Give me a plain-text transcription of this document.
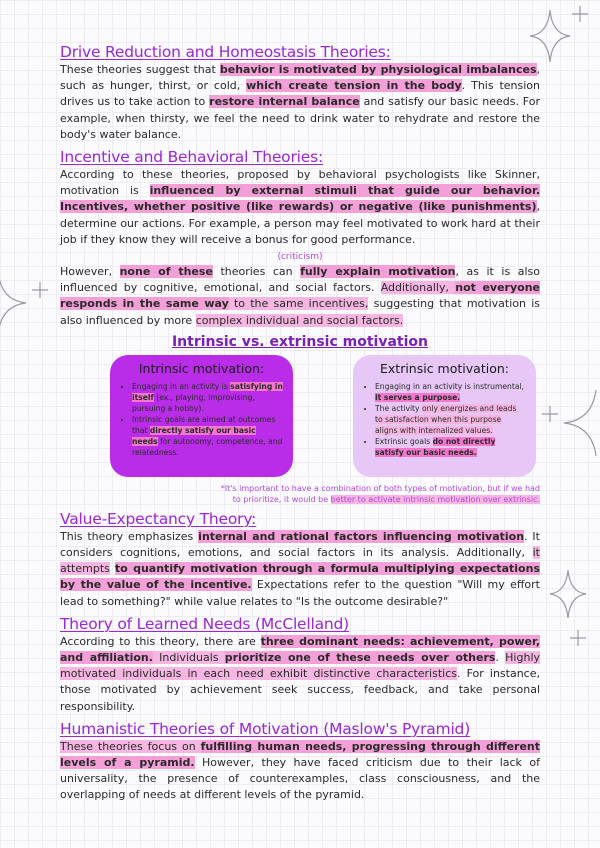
Drive Reduction and Homeostasis Theories:

These theories suggest that behavior is motivated by physiological imbalances, such as hunger, thirst, or cold, which create tension in the body. This tension drives us to take action to restore internal balance and satisfy our basic needs. For example, when thirsty, we feel the need to drink water to rehydrate and restore the body's water balance.

Incentive and Behavioral Theories:

According to these theories, proposed by behavioral psychologists like Skinner, motivation is influenced by external stimuli that guide our behavior. Incentives, whether positive (like rewards) or negative (like punishments), determine our actions. For example, a person may feel motivated to work hard at their job if they know they will receive a bonus for good performance.

(criticism)

However, none of these theories can fully explain motivation, as it is also influenced by cognitive, emotional, and social factors. Additionally, not everyone responds in the same way to the same incentives, suggesting that motivation is also influenced by more complex individual and social factors.

Intrinsic vs. extrinsic motivation
Intrinsic motivation:
• Engaging in an activity is satisfying in itself (ex., playing, improvising, pursuing a hobby).
• Intrinsic goals are aimed at outcomes that directly satisfy our basic needs for autonomy, competence, and relatedness.
Extrinsic motivation:
• Engaging in an activity is instrumental, it serves a purpose.
• The activity only energizes and leads to satisfaction when this purpose aligns with internalized values.
• Extrinsic goals do not directly satisfy our basic needs.
*It's important to have a combination of both types of motivation, but if we had
to prioritize, it would be better to activate intrinsic motivation over extrinsic.
Value-Expectancy Theory:

This theory emphasizes internal and rational factors influencing motivation. It considers cognitions, emotions, and social factors in its analysis. Additionally, it attempts to quantify motivation through a formula multiplying expectations by the value of the incentive. Expectations refer to the question "Will my effort lead to something?" while value relates to "Is the outcome desirable?"

Theory of Learned Needs (McClelland)

According to this theory, there are three dominant needs: achievement, power, and affiliation. Individuals prioritize one of these needs over others. Highly motivated individuals in each need exhibit distinctive characteristics. For instance, those motivated by achievement seek success, feedback, and take personal responsibility.

Humanistic Theories of Motivation (Maslow's Pyramid)

These theories focus on fulfilling human needs, progressing through different levels of a pyramid. However, they have faced criticism due to their lack of universality, the presence of counterexamples, class consciousness, and the overlapping of needs at different levels of the pyramid.
